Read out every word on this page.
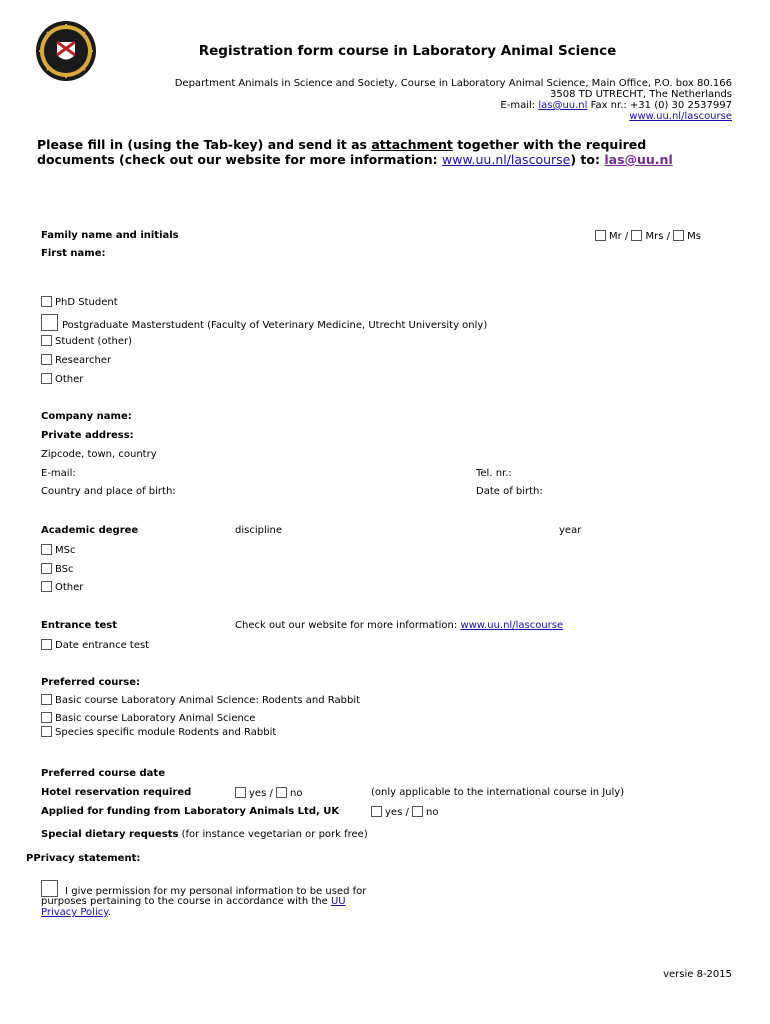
Registration form course in Laboratory Animal Science
Department Animals in Science and Society, Course in Laboratory Animal Science, Main Office, P.O. box 80.166
3508 TD UTRECHT, The Netherlands
E-mail: las@uu.nl Fax nr.: +31 (0) 30 2537997
www.uu.nl/lascourse
Please fill in (using the Tab-key) and send it as attachment together with the required
documents (check out our website for more information: www.uu.nl/lascourse) to: las@uu.nl
Family name and initials	Mr / Mrs / Ms
First name:
PhD Student
Postgraduate Masterstudent (Faculty of Veterinary Medicine, Utrecht University only)
Student (other)
Researcher
Other
Company name:
Private address:
Zipcode, town, country
E-mail:	Tel. nr.:
Country and place of birth:	Date of birth:
Academic degree	discipline	year
MSc
BSc
Other
Entrance test	Check out our website for more information: www.uu.nl/lascourse
Date entrance test
Preferred course:
Basic course Laboratory Animal Science: Rodents and Rabbit
Basic course Laboratory Animal Science
Species specific module Rodents and Rabbit
Preferred course date
Hotel reservation required	yes / no	(only applicable to the international course in July)
Applied for funding from Laboratory Animals Ltd, UK	yes / no
Special dietary requests (for instance vegetarian or pork free)
PPrivacy statement:
I give permission for my personal information to be used for
purposes pertaining to the course in accordance with the UU
Privacy Policy.
versie 8-2015
